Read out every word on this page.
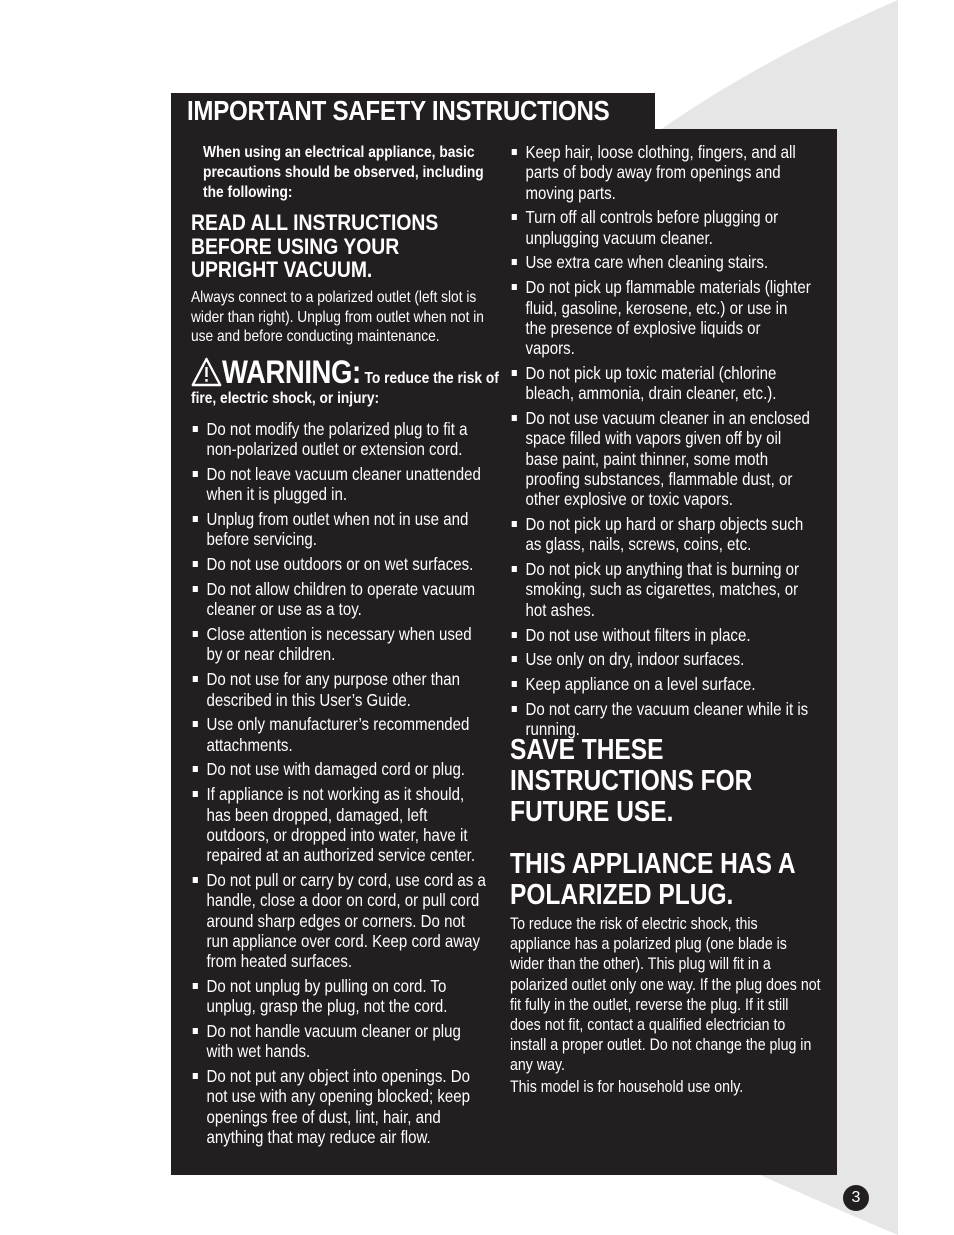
IMPORTANT SAFETY INSTRUCTIONS
When using an electrical appliance, basic precautions should be observed, including the following:
READ ALL INSTRUCTIONS BEFORE USING YOUR UPRIGHT VACUUM.
Always connect to a polarized outlet (left slot is wider than right). Unplug from outlet when not in use and before conducting maintenance.
WARNING: To reduce the risk of
fire, electric shock, or injury:
Do not modify the polarized plug to fit a non-polarized outlet or extension cord.
Do not leave vacuum cleaner unattended when it is plugged in.
Unplug from outlet when not in use and before servicing.
Do not use outdoors or on wet surfaces.
Do not allow children to operate vacuum cleaner or use as a toy.
Close attention is necessary when used by or near children.
Do not use for any purpose other than described in this User’s Guide.
Use only manufacturer’s recommended attachments.
Do not use with damaged cord or plug.
If appliance is not working as it should, has been dropped, damaged, left outdoors, or dropped into water, have it repaired at an authorized service center.
Do not pull or carry by cord, use cord as a handle, close a door on cord, or pull cord around sharp edges or corners. Do not run appliance over cord. Keep cord away from heated surfaces.
Do not unplug by pulling on cord. To unplug, grasp the plug, not the cord.
Do not handle vacuum cleaner or plug with wet hands.
Do not put any object into openings. Do not use with any opening blocked; keep openings free of dust, lint, hair, and anything that may reduce air flow.
Keep hair, loose clothing, fingers, and all parts of body away from openings and moving parts.
Turn off all controls before plugging or unplugging vacuum cleaner.
Use extra care when cleaning stairs.
Do not pick up flammable materials (lighter fluid, gasoline, kerosene, etc.) or use in the presence of explosive liquids or vapors.
Do not pick up toxic material (chlorine bleach, ammonia, drain cleaner, etc.).
Do not use vacuum cleaner in an enclosed space filled with vapors given off by oil base paint, paint thinner, some moth proofing substances, flammable dust, or other explosive or toxic vapors.
Do not pick up hard or sharp objects such as glass, nails, screws, coins, etc.
Do not pick up anything that is burning or smoking, such as cigarettes, matches, or hot ashes.
Do not use without filters in place.
Use only on dry, indoor surfaces.
Keep appliance on a level surface.
Do not carry the vacuum cleaner while it is running.
SAVE THESE INSTRUCTIONS FOR FUTURE USE.
THIS APPLIANCE HAS A POLARIZED PLUG.
To reduce the risk of electric shock, this appliance has a polarized plug (one blade is wider than the other). This plug will fit in a polarized outlet only one way. If the plug does not fit fully in the outlet, reverse the plug. If it still does not fit, contact a qualified electrician to install a proper outlet. Do not change the plug in any way.
This model is for household use only.
3
